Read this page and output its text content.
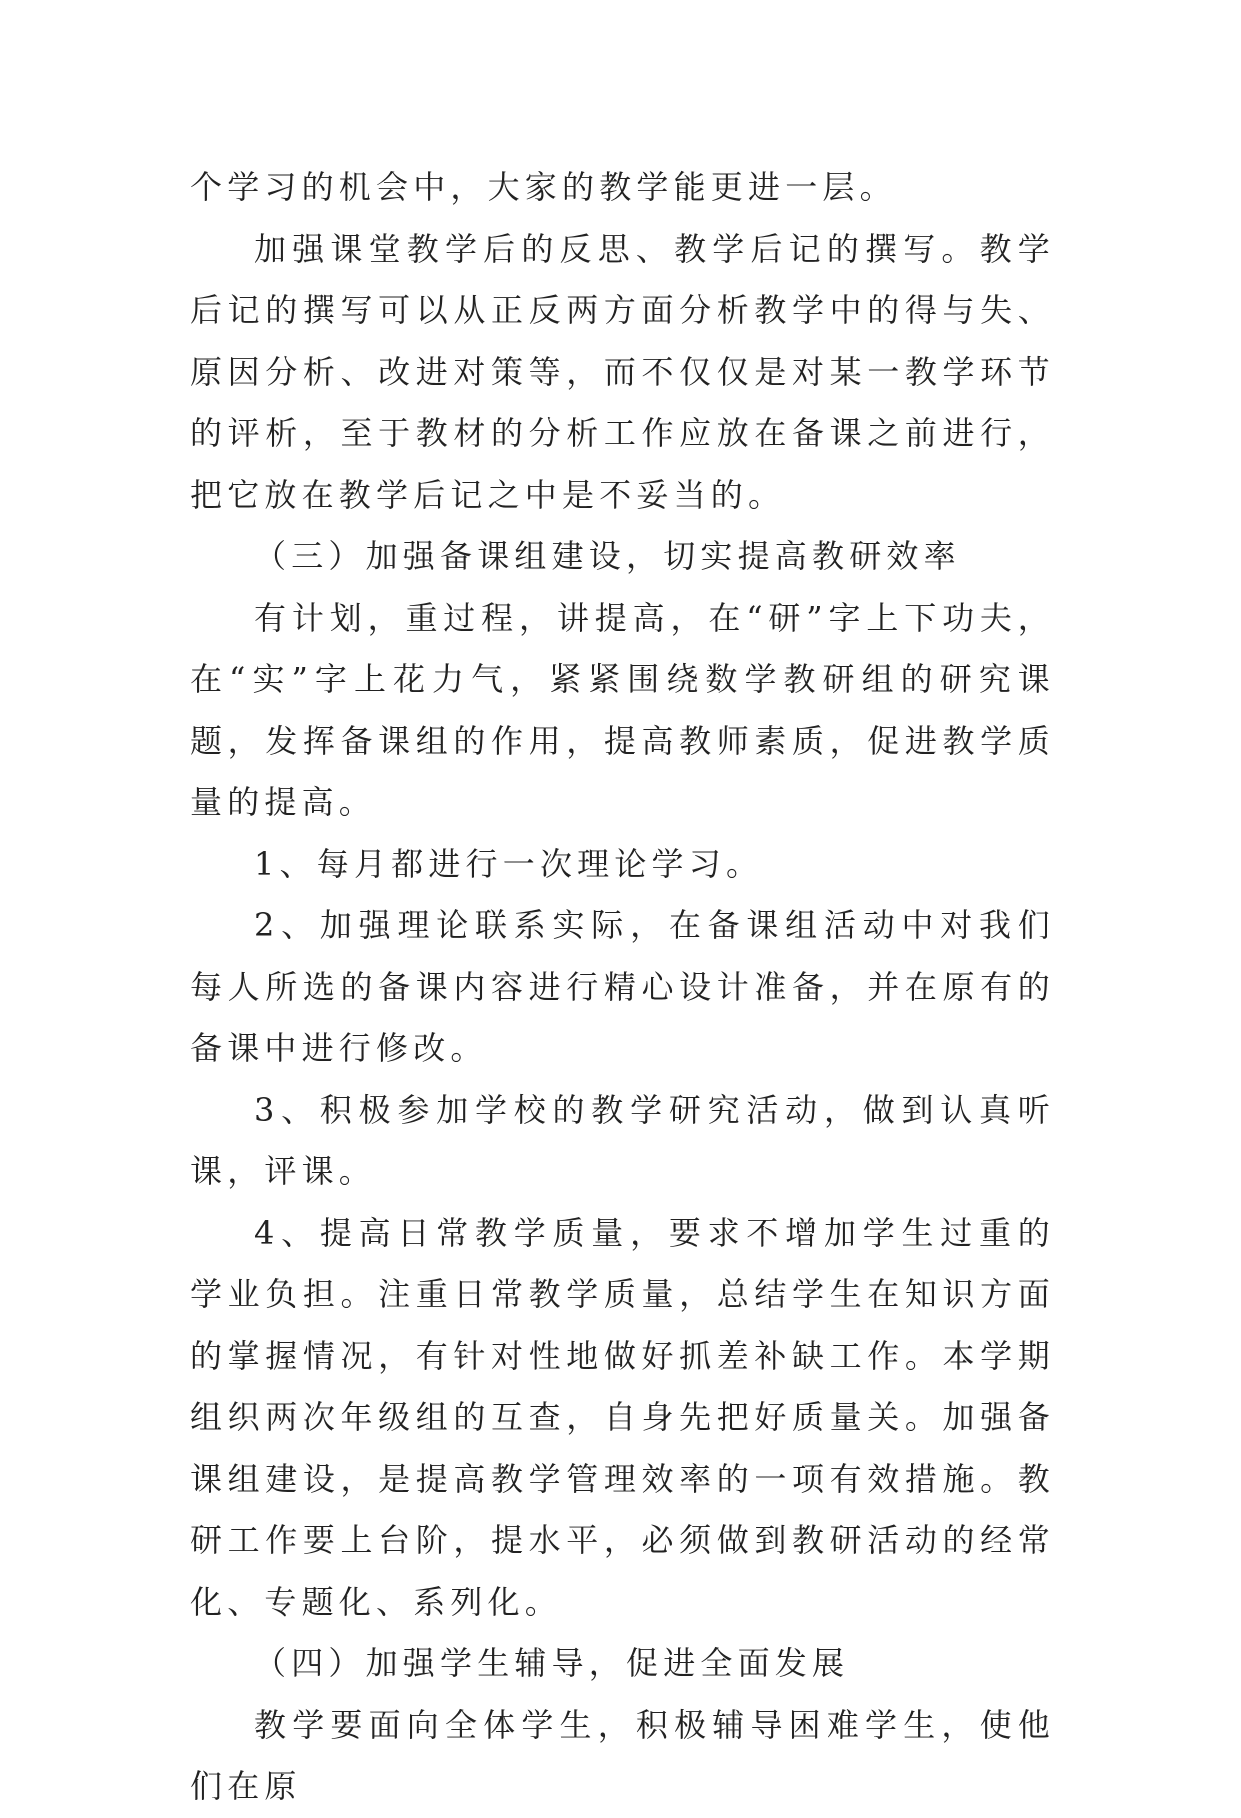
个学习的机会中，大家的教学能更进一层。

加强课堂教学后的反思、教学后记的撰写。教学后记的撰写可以从正反两方面分析教学中的得与失、原因分析、改进对策等，而不仅仅是对某一教学环节的评析，至于教材的分析工作应放在备课之前进行，把它放在教学后记之中是不妥当的。

（三）加强备课组建设，切实提高教研效率

有计划，重过程，讲提高，在“研”字上下功夫，在“实”字上花力气，紧紧围绕数学教研组的研究课题，发挥备课组的作用，提高教师素质，促进教学质量的提高。

1、每月都进行一次理论学习。

2、加强理论联系实际，在备课组活动中对我们每人所选的备课内容进行精心设计准备，并在原有的备课中进行修改。

3、积极参加学校的教学研究活动，做到认真听课，评课。

4、提高日常教学质量，要求不增加学生过重的学业负担。注重日常教学质量，总结学生在知识方面的掌握情况，有针对性地做好抓差补缺工作。本学期组织两次年级组的互查，自身先把好质量关。加强备课组建设，是提高教学管理效率的一项有效措施。教研工作要上台阶，提水平，必须做到教研活动的经常化、专题化、系列化。

（四）加强学生辅导，促进全面发展

教学要面向全体学生，积极辅导困难学生，使他们在原
